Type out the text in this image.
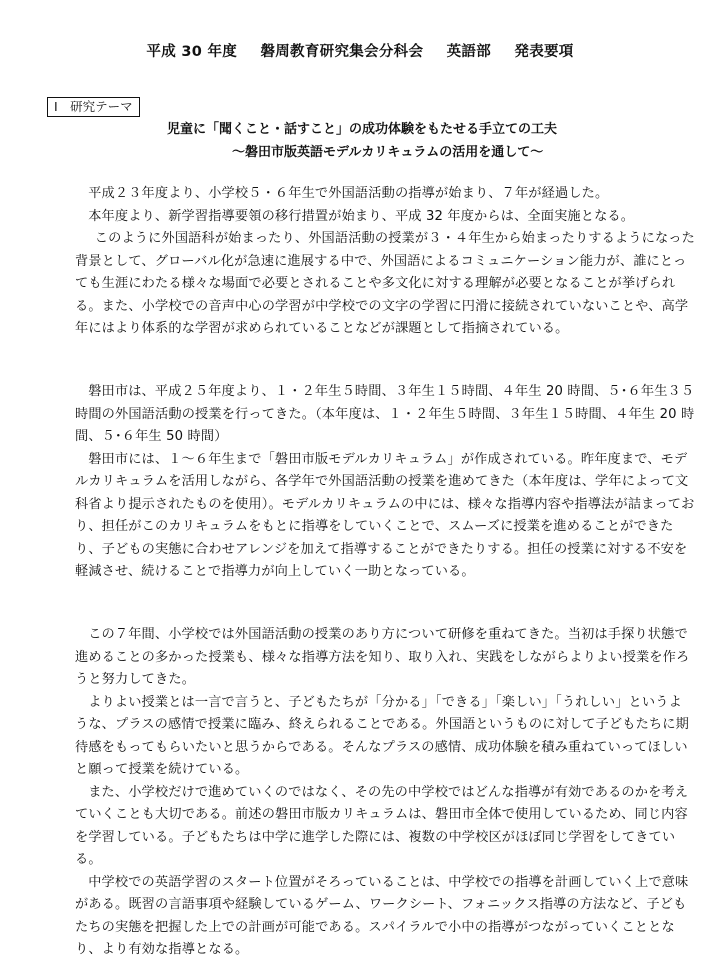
平成 30 年度 磐周教育研究集会分科会 英語部 発表要項
Ⅰ　研究テーマ
児童に「聞くこと・話すこと」の成功体験をもたせる手立ての工夫
～磐田市版英語モデルカリキュラムの活用を通して～

平成２３年度より、小学校５・６年生で外国語活動の指導が始まり、７年が経過した。

本年度より、新学習指導要領の移行措置が始まり、平成 32 年度からは、全面実施となる。

このように外国語科が始まったり、外国語活動の授業が３・４年生から始まったりするようになった背景として、グローバル化が急速に進展する中で、外国語によるコミュニケーション能力が、誰にとっても生涯にわたる様々な場面で必要とされることや多文化に対する理解が必要となることが挙げられる。また、小学校での音声中心の学習が中学校での文字の学習に円滑に接続されていないことや、高学年にはより体系的な学習が求められていることなどが課題として指摘されている。

磐田市は、平成２５年度より、１・２年生５時間、３年生１５時間、４年生 20 時間、５･６年生３５時間の外国語活動の授業を行ってきた。（本年度は、１・２年生５時間、３年生１５時間、４年生 20 時間、５･６年生 50 時間）

磐田市には、１～６年生まで「磐田市版モデルカリキュラム」が作成されている。昨年度まで、モデルカリキュラムを活用しながら、各学年で外国語活動の授業を進めてきた（本年度は、学年によって文科省より提示されたものを使用）。モデルカリキュラムの中には、様々な指導内容や指導法が詰まっており、担任がこのカリキュラムをもとに指導をしていくことで、スムーズに授業を進めることができたり、子どもの実態に合わせアレンジを加えて指導することができたりする。担任の授業に対する不安を軽減させ、続けることで指導力が向上していく一助となっている。

この７年間、小学校では外国語活動の授業のあり方について研修を重ねてきた。当初は手探り状態で進めることの多かった授業も、様々な指導方法を知り、取り入れ、実践をしながらよりよい授業を作ろうと努力してきた。

よりよい授業とは一言で言うと、子どもたちが「分かる」「できる」「楽しい」「うれしい」というような、プラスの感情で授業に臨み、終えられることである。外国語というものに対して子どもたちに期待感をもってもらいたいと思うからである。そんなプラスの感情、成功体験を積み重ねていってほしいと願って授業を続けている。

また、小学校だけで進めていくのではなく、その先の中学校ではどんな指導が有効であるのかを考えていくことも大切である。前述の磐田市版カリキュラムは、磐田市全体で使用しているため、同じ内容を学習している。子どもたちは中学に進学した際には、複数の中学校区がほぼ同じ学習をしてきている。

中学校での英語学習のスタート位置がそろっていることは、中学校での指導を計画していく上で意味がある。既習の言語事項や経験しているゲーム、ワークシート、フォニックス指導の方法など、子どもたちの実態を把握した上での計画が可能である。スパイラルで小中の指導がつながっていくこととなり、より有効な指導となる。
